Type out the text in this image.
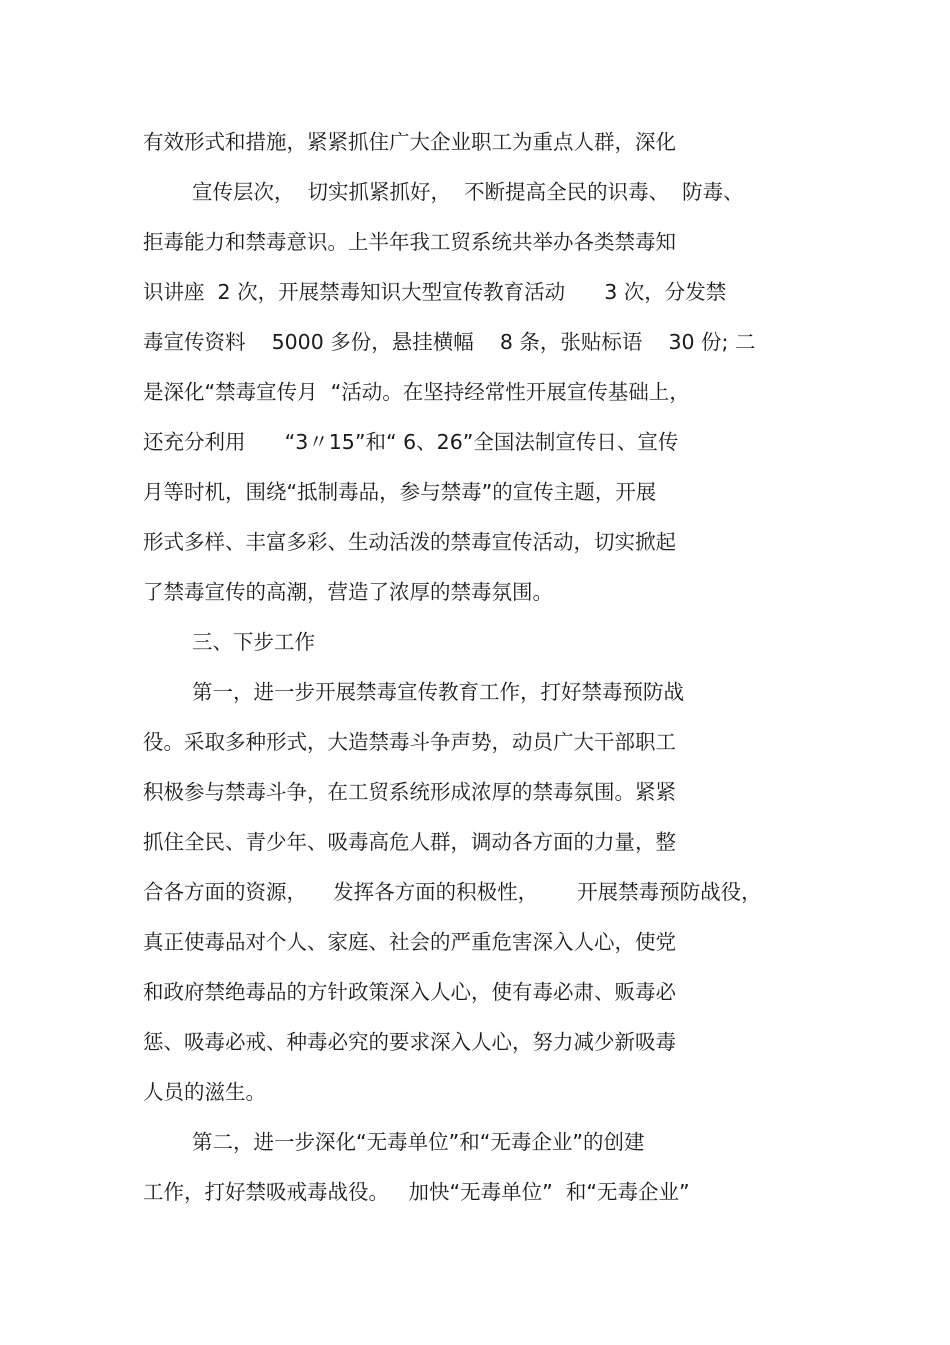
有效形式和措施，紧紧抓住广大企业职工为重点人群，深化

宣传层次，  切实抓紧抓好，  不断提高全民的识毒、  防毒、

拒毒能力和禁毒意识。上半年我工贸系统共举办各类禁毒知

识讲座  2 次，开展禁毒知识大型宣传教育活动      3 次，分发禁

毒宣传资料    5000 多份，悬挂横幅    8 条，张贴标语    30 份; 二

是深化“禁毒宣传月  “活动。在坚持经常性开展宣传基础上，

还充分利用      “3〃15”和“ 6、26”全国法制宣传日、宣传

月等时机，围绕“抵制毒品，参与禁毒”的宣传主题，开展

形式多样、丰富多彩、生动活泼的禁毒宣传活动，切实掀起

了禁毒宣传的高潮，营造了浓厚的禁毒氛围。

三、下步工作

第一，进一步开展禁毒宣传教育工作，打好禁毒预防战

役。采取多种形式，大造禁毒斗争声势，动员广大干部职工

积极参与禁毒斗争，在工贸系统形成浓厚的禁毒氛围。紧紧

抓住全民、青少年、吸毒高危人群，调动各方面的力量，整

合各方面的资源，    发挥各方面的积极性，      开展禁毒预防战役，

真正使毒品对个人、家庭、社会的严重危害深入人心，使党

和政府禁绝毒品的方针政策深入人心，使有毒必肃、贩毒必

惩、吸毒必戒、种毒必究的要求深入人心，努力减少新吸毒

人员的滋生。

第二，进一步深化“无毒单位”和“无毒企业”的创建

工作，打好禁吸戒毒战役。   加快“无毒单位”  和“无毒企业”
